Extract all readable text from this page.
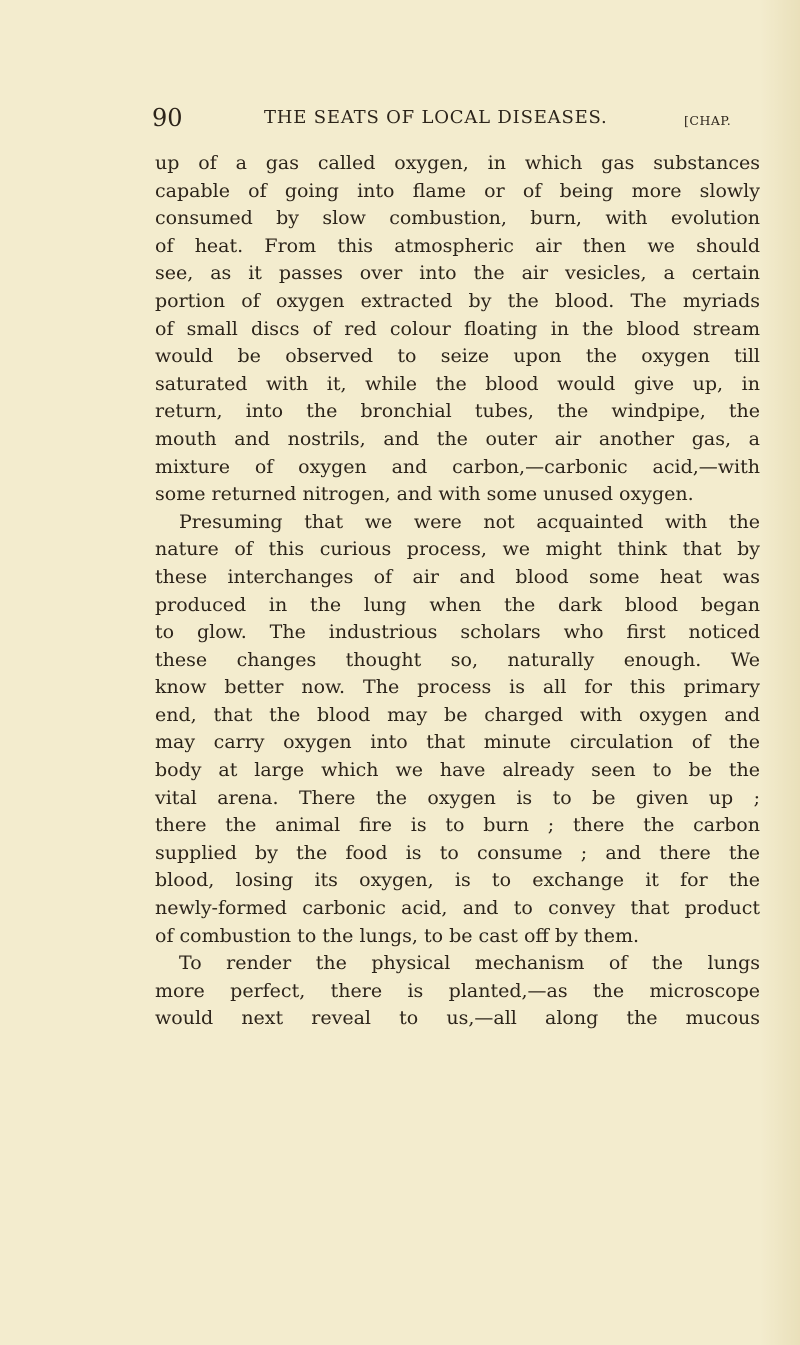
90	THE SEATS OF LOCAL DISEASES.	[CHAP.
up of a gas called oxygen, in which gas substances
capable of going into flame or of being more slowly
consumed by slow combustion, burn, with evolution
of heat. From this atmospheric air then we should
see, as it passes over into the air vesicles, a certain
portion of oxygen extracted by the blood. The myriads
of small discs of red colour floating in the blood stream
would be observed to seize upon the oxygen till
saturated with it, while the blood would give up, in
return, into the bronchial tubes, the windpipe, the
mouth and nostrils, and the outer air another gas, a
mixture of oxygen and carbon,—carbonic acid,—with
some returned nitrogen, and with some unused oxygen.
Presuming that we were not acquainted with the
nature of this curious process, we might think that by
these interchanges of air and blood some heat was
produced in the lung when the dark blood began
to glow. The industrious scholars who first noticed
these changes thought so, naturally enough. We
know better now. The process is all for this primary
end, that the blood may be charged with oxygen and
may carry oxygen into that minute circulation of the
body at large which we have already seen to be the
vital arena. There the oxygen is to be given up ;
there the animal fire is to burn ; there the carbon
supplied by the food is to consume ; and there the
blood, losing its oxygen, is to exchange it for the
newly-formed carbonic acid, and to convey that product
of combustion to the lungs, to be cast off by them.
To render the physical mechanism of the lungs
more perfect, there is planted,—as the microscope
would next reveal to us,—all along the mucous
